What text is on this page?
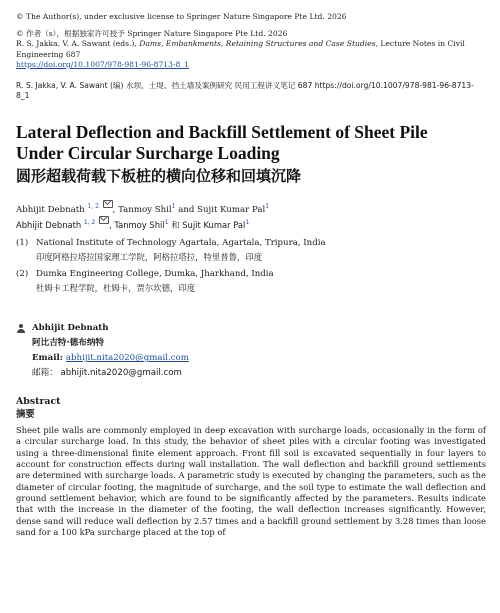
© The Author(s), under exclusive license to Springer Nature Singapore Pte Ltd. 2026

© 作者（s），根据独家许可授予 Springer Nature Singapore Pte Ltd. 2026

R. S. Jakka, V. A. Sawant (eds.), Dams, Embankments, Retaining Structures and Case Studies, Lecture Notes in Civil Engineering 687

https://doi.org/10.1007/978-981-96-8713-8_1

R. S. Jakka, V. A. Sawant (编) 水坝、土堤、挡土墙及案例研究 民用工程讲义笔记 687 https://doi.org/10.1007/978-981-96-8713-8_1

Lateral Deflection and Backfill Settlement of Sheet Pile
Under Circular Surcharge Loading
圆形超载荷载下板桩的横向位移和回填沉降
Abhijit Debnath $^{1, 2}$ , Tanmoy Shil$^1$ and Sujit Kumar Pal$^1$
Abhijit Debnath $^{1, 2}$ , Tanmoy Shil$^1$ 和 Sujit Kumar Pal$^1$
(1) National Institute of Technology Agartala, Agartala, Tripura, India
印度阿格拉塔拉国家理工学院，阿格拉塔拉，特里普鲁，印度
(2) Dumka Engineering College, Dumka, Jharkhand, India
杜姆卡工程学院，杜姆卡，贾尔坎德，印度
Abhijit Debnath
阿比吉特·德布纳特
Email: abhijit.nita2020@gmail.com
邮箱： abhijit.nita2020@gmail.com
Abstract
摘要

Sheet pile walls are commonly employed in deep excavation with surcharge loads, occasionally in the form of a circular surcharge load. In this study, the behavior of sheet piles with a circular footing was investigated using a three-dimensional finite element approach. Front fill soil is excavated sequentially in four layers to account for construction effects during wall installation. The wall deflection and backfill ground settlements are determined with surcharge loads. A parametric study is executed by changing the parameters, such as the diameter of circular footing, the magnitude of surcharge, and the soil type to estimate the wall deflection and ground settlement behavior, which are found to be significantly affected by the parameters. Results indicate that with the increase in the diameter of the footing, the wall deflection increases significantly. However, dense sand will reduce wall deflection by 2.57 times and a backfill ground settlement by 3.28 times than loose sand for a 100 kPa surcharge placed at the top of
